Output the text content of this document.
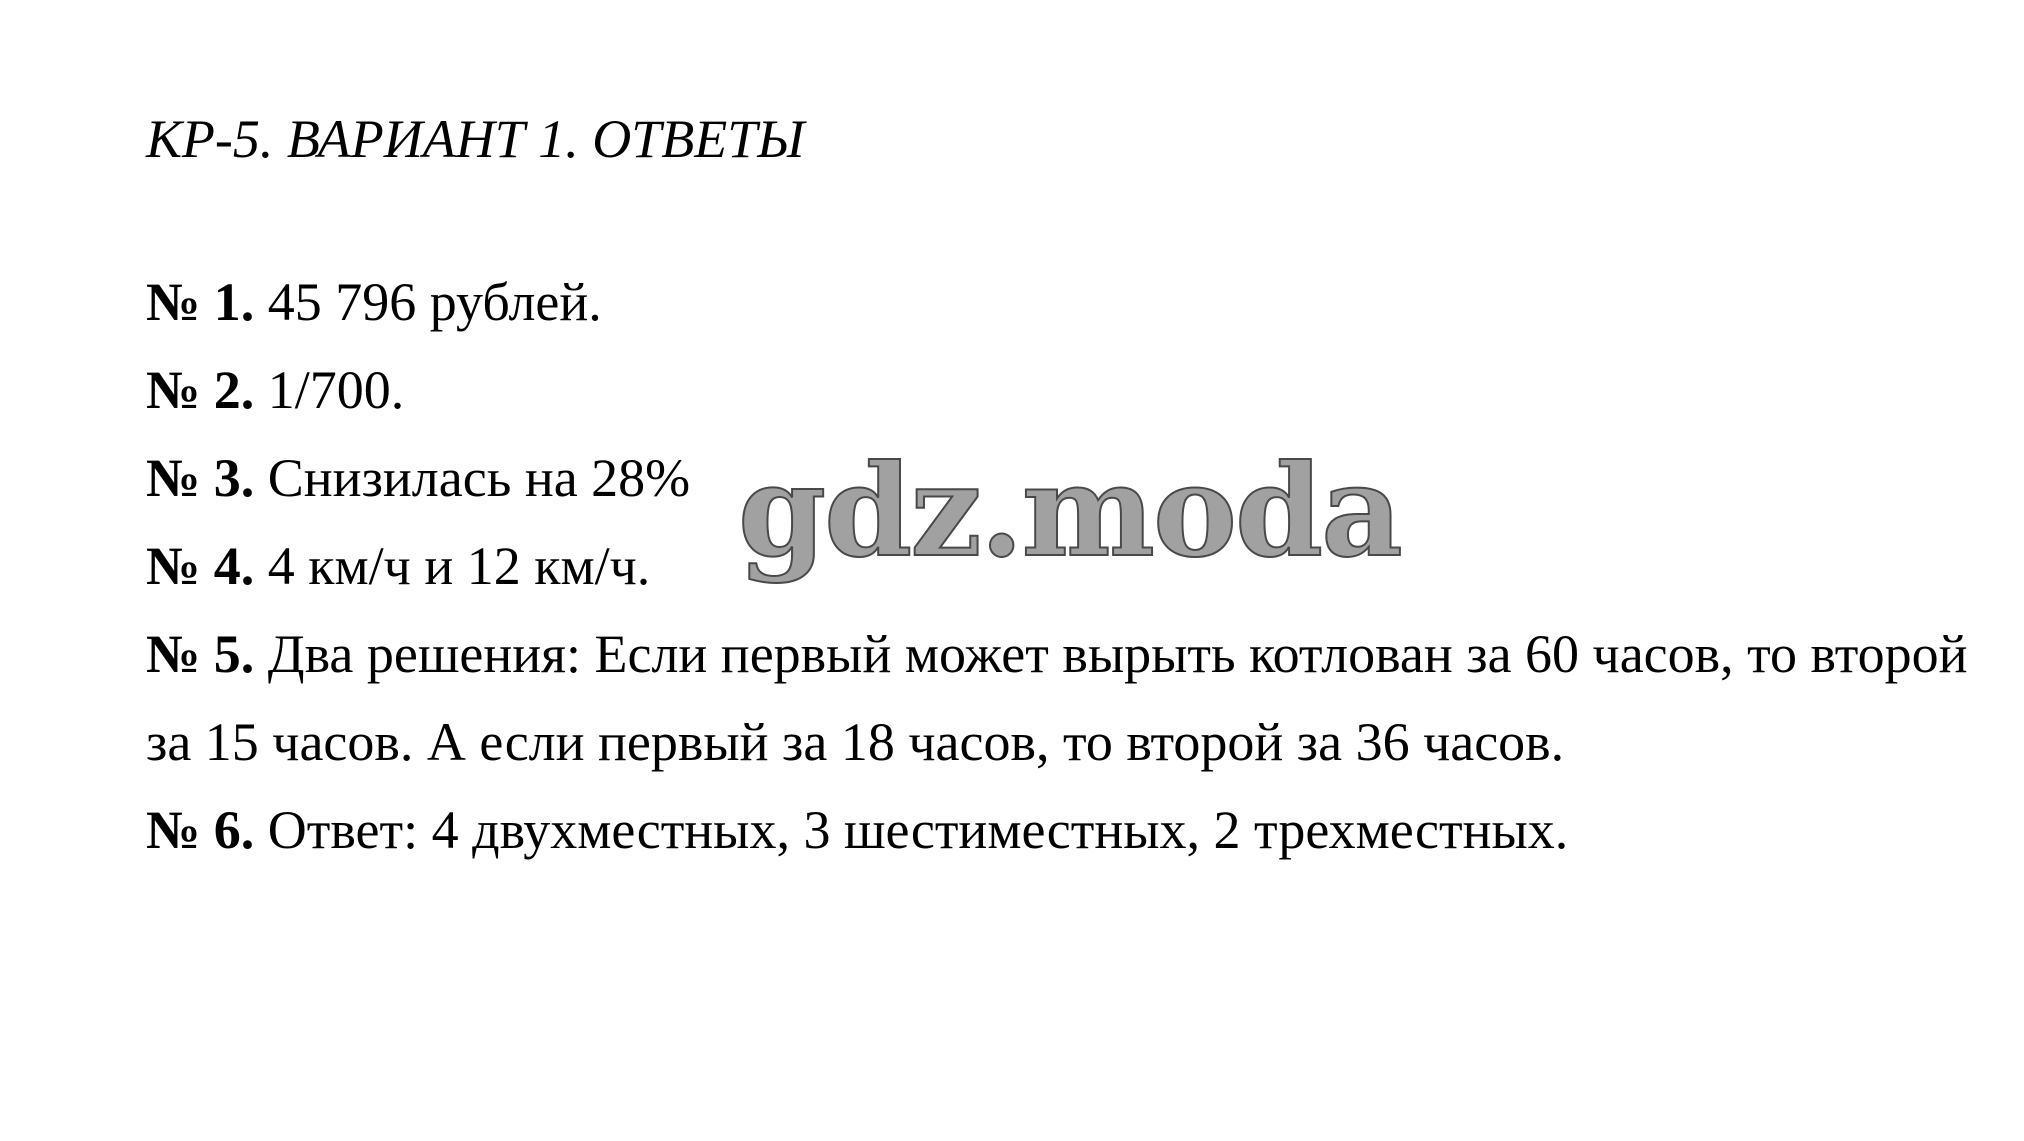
КР-5. ВАРИАНТ 1. ОТВЕТЫ
№ 1. 45 796 рублей.
№ 2. 1/700.
№ 3. Снизилась на 28%
№ 4. 4 км/ч и 12 км/ч.
№ 5. Два решения: Если первый может вырыть котлован за 60 часов, то второй за 15 часов. А если первый за 18 часов, то второй за 36 часов.
№ 6. Ответ: 4 двухместных, 3 шестиместных, 2 трехместных.
gdz.moda
